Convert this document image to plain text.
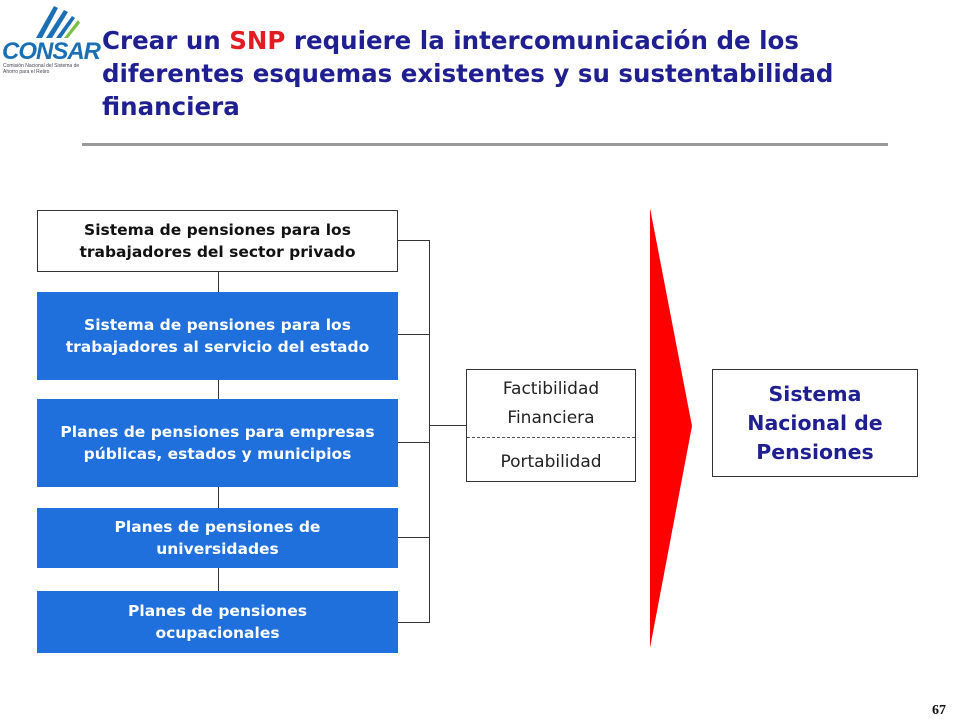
CONSAR
Comisión Nacional del Sistema de Ahorro para el Retiro
Crear un SNP requiere la intercomunicación de los diferentes esquemas existentes y su sustentabilidad financiera
Sistema de pensiones para los trabajadores del sector privado
Sistema de pensiones para los trabajadores al servicio del estado
Planes de pensiones para empresas públicas, estados y municipios
Planes de pensiones de universidades
Planes de pensiones ocupacionales
Factibilidad
Financiera
Portabilidad
Sistema Nacional de Pensiones
67
